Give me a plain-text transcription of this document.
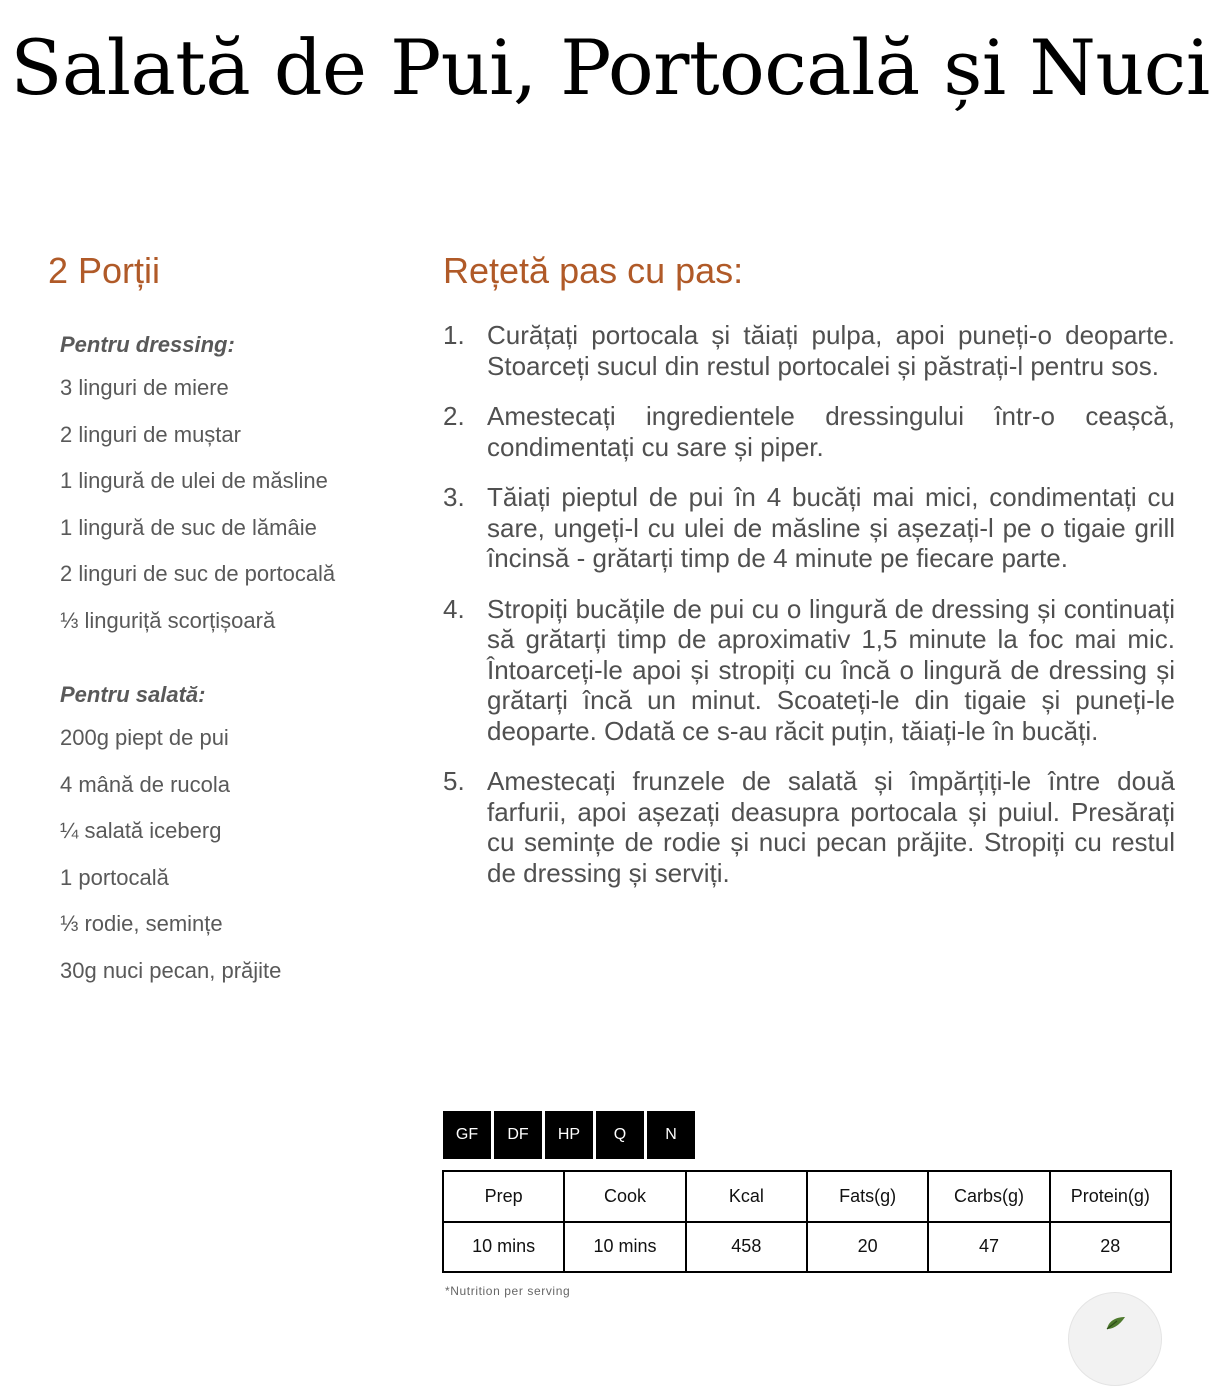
Salată de Pui, Portocală și Nuci
2 Porții
Pentru dressing:
3 linguri de miere
2 linguri de muștar
1 lingură de ulei de măsline
1 lingură de suc de lămâie
2 linguri de suc de portocală
⅓ linguriță scorțișoară
Pentru salată:
200g piept de pui
4 mână de rucola
¼ salată iceberg
1 portocală
⅓ rodie, semințe
30g nuci pecan, prăjite
Rețetă pas cu pas:
1. Curățați portocala și tăiați pulpa, apoi puneți-o deoparte. Stoarceți sucul din restul portocalei și păstrați-l pentru sos.
2. Amestecați ingredientele dressingului într-o ceașcă, condimentați cu sare și piper.
3. Tăiați pieptul de pui în 4 bucăți mai mici, condimentați cu sare, ungeți-l cu ulei de măsline și așezați-l pe o tigaie grill încinsă - grătarți timp de 4 minute pe fiecare parte.
4. Stropiți bucățile de pui cu o lingură de dressing și continuați să grătarți timp de aproximativ 1,5 minute la foc mai mic. Întoarceți-le apoi și stropiți cu încă o lingură de dressing și grătarți încă un minut. Scoateți-le din tigaie și puneți-le deoparte. Odată ce s-au răcit puțin, tăiați-le în bucăți.
5. Amestecați frunzele de salată și împărțiți-le între două farfurii, apoi așezați deasupra portocala și puiul. Presărați cu semințe de rodie și nuci pecan prăjite. Stropiți cu restul de dressing și serviți.
GF	DF	HP	Q	N
Prep	Cook	Kcal	Fats(g)	Carbs(g)	Protein(g)
10 mins	10 mins	458	20	47	28
*Nutrition per serving
